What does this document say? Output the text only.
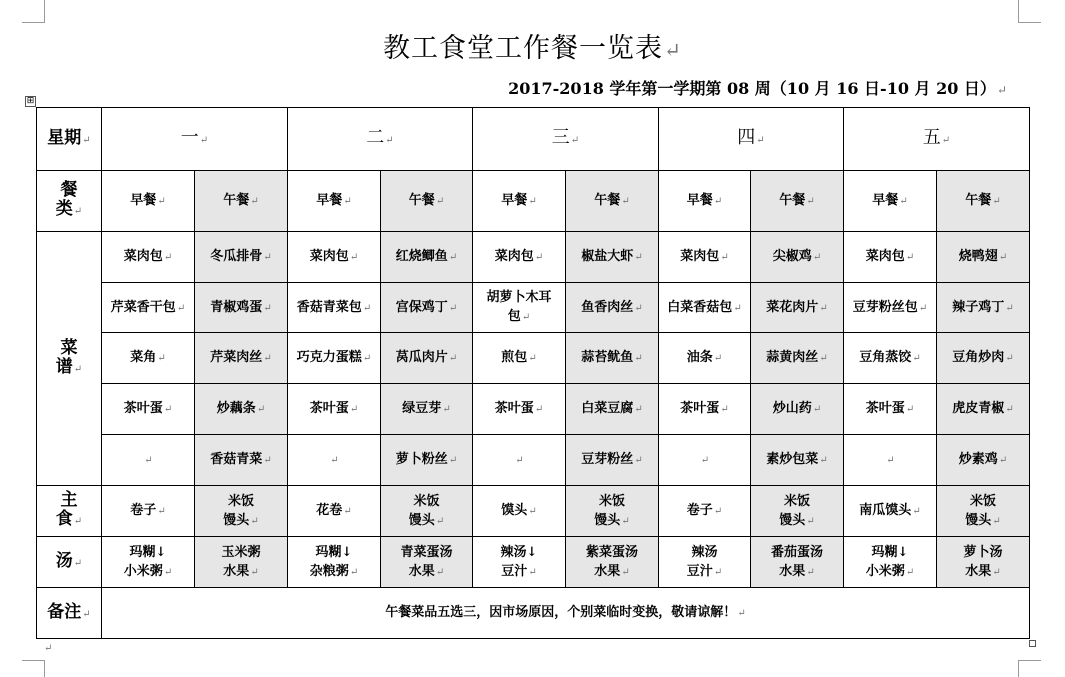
教工食堂工作餐一览表↵
2017-2018 学年第一学期第 08 周（10 月 16 日-10 月 20 日）↵
⊞
星期↵	一↵		二↵		三↵		四↵		五↵	
餐
类↵	早餐↵	午餐↵	早餐↵	午餐↵	早餐↵	午餐↵	早餐↵	午餐↵	早餐↵	午餐↵
菜
谱↵	菜肉包↵	冬瓜排骨↵	菜肉包↵	红烧鲫鱼↵	菜肉包↵	椒盐大虾↵	菜肉包↵	尖椒鸡↵	菜肉包↵	烧鸭翅↵
	芹菜香干包↵	青椒鸡蛋↵	香菇青菜包↵	宫保鸡丁↵	胡萝卜木耳
包↵	鱼香肉丝↵	白菜香菇包↵	菜花肉片↵	豆芽粉丝包↵	辣子鸡丁↵
	菜角↵	芹菜肉丝↵	巧克力蛋糕↵	莴瓜肉片↵	煎包↵	蒜苔鱿鱼↵	油条↵	蒜黄肉丝↵	豆角蒸饺↵	豆角炒肉↵
	茶叶蛋↵	炒藕条↵	茶叶蛋↵	绿豆芽↵	茶叶蛋↵	白菜豆腐↵	茶叶蛋↵	炒山药↵	茶叶蛋↵	虎皮青椒↵
	↵	香菇青菜↵	↵	萝卜粉丝↵	↵	豆芽粉丝↵	↵	素炒包菜↵	↵	炒素鸡↵
主
食↵	卷子↵	米饭
馒头↵	花卷↵	米饭
馒头↵	馍头↵	米饭
馒头↵	卷子↵	米饭
馒头↵	南瓜馍头↵	米饭
馒头↵
汤↵	玛糊↓
小米粥↵	玉米粥
水果↵	玛糊↓
杂粮粥↵	青菜蛋汤
水果↵	辣汤↓
豆汁↵	紫菜蛋汤
水果↵	辣汤
豆汁↵	番茄蛋汤
水果↵	玛糊↓
小米粥↵	萝卜汤
水果↵
备注↵	午餐菜品五选三，因市场原因，个别菜临时变换，敬请谅解！↵									
↵
